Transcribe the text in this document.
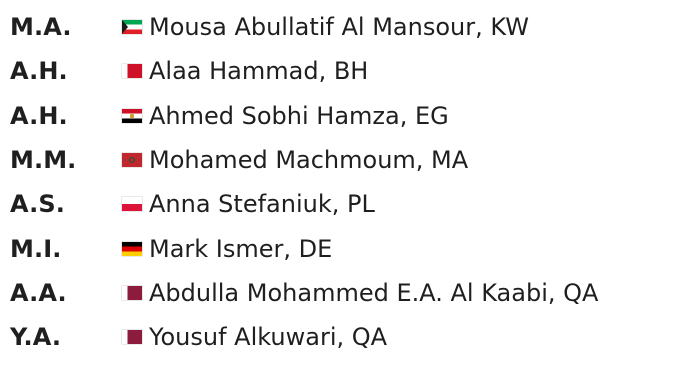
M.A.	Mousa Abullatif Al Mansour, KW
A.H.	Alaa Hammad, BH
A.H.	Ahmed Sobhi Hamza, EG
M.M.	Mohamed Machmoum, MA
A.S.	Anna Stefaniuk, PL
M.I.	Mark Ismer, DE
A.A.	Abdulla Mohammed E.A. Al Kaabi, QA
Y.A.	Yousuf Alkuwari, QA
